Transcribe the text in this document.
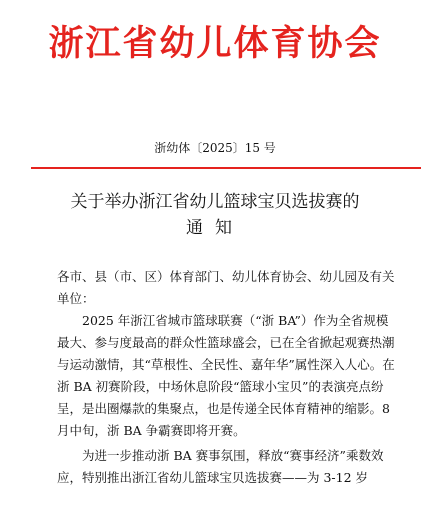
浙江省幼儿体育协会
浙幼体〔2025〕15 号
关于举办浙江省幼儿篮球宝贝选拔赛的
通知

各市、县（市、区）体育部门、幼儿体育协会、幼儿园及有关单位：

2025 年浙江省城市篮球联赛（“浙 BA”）作为全省规模最大、参与度最高的群众性篮球盛会，已在全省掀起观赛热潮与运动激情，其“草根性、全民性、嘉年华”属性深入人心。在浙 BA 初赛阶段，中场休息阶段“篮球小宝贝”的表演亮点纷呈，是出圈爆款的集聚点，也是传递全民体育精神的缩影。8 月中旬，浙 BA 争霸赛即将开赛。

为进一步推动浙 BA 赛事氛围，释放“赛事经济”乘数效应，特别推出浙江省幼儿篮球宝贝选拔赛——为 3-12 岁
